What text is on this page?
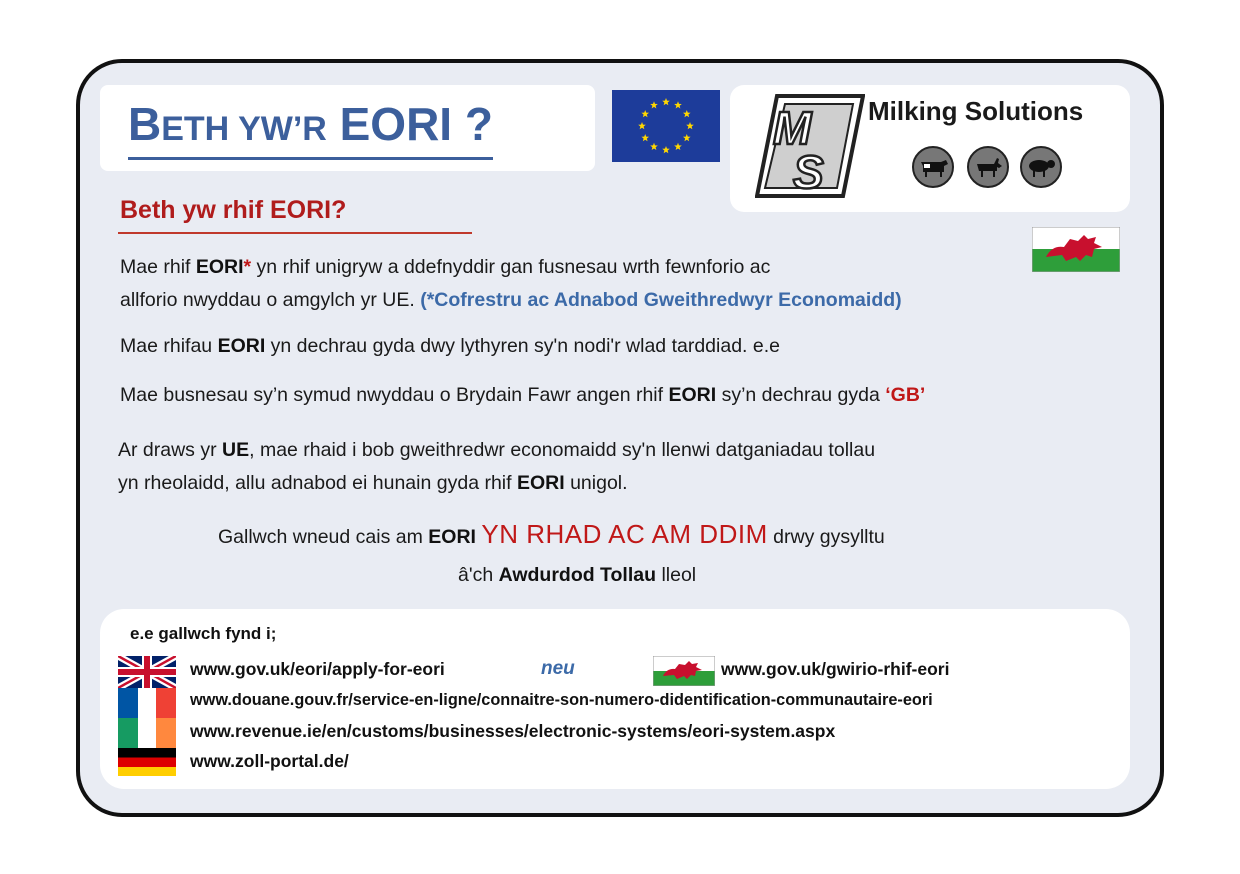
BETH YW’R EORI ?	M
S
Milking Solutions
Beth yw rhif EORI?
Mae rhif EORI* yn rhif unigryw a ddefnyddir gan fusnesau wrth fewnforio ac
allforio nwyddau o amgylch yr UE. (*Cofrestru ac Adnabod Gweithredwyr Economaidd)
Mae rhifau EORI yn dechrau gyda dwy lythyren sy'n nodi'r wlad tarddiad. e.e
Mae busnesau sy’n symud nwyddau o Brydain Fawr angen rhif EORI sy’n dechrau gyda ‘GB’
Ar draws yr UE, mae rhaid i bob gweithredwr economaidd sy'n llenwi datganiadau tollau
yn rheolaidd, allu adnabod ei hunain gyda rhif EORI unigol.
Gallwch wneud cais am EORI YN RHAD AC AM DDIM drwy gysylltu
â'ch Awdurdod Tollau lleol
e.e gallwch fynd i;
www.gov.uk/eori/apply-for-eori	neu	www.gov.uk/gwirio-rhif-eori
www.douane.gouv.fr/service-en-ligne/connaitre-son-numero-didentification-communautaire-eori
www.revenue.ie/en/customs/businesses/electronic-systems/eori-system.aspx
www.zoll-portal.de/
